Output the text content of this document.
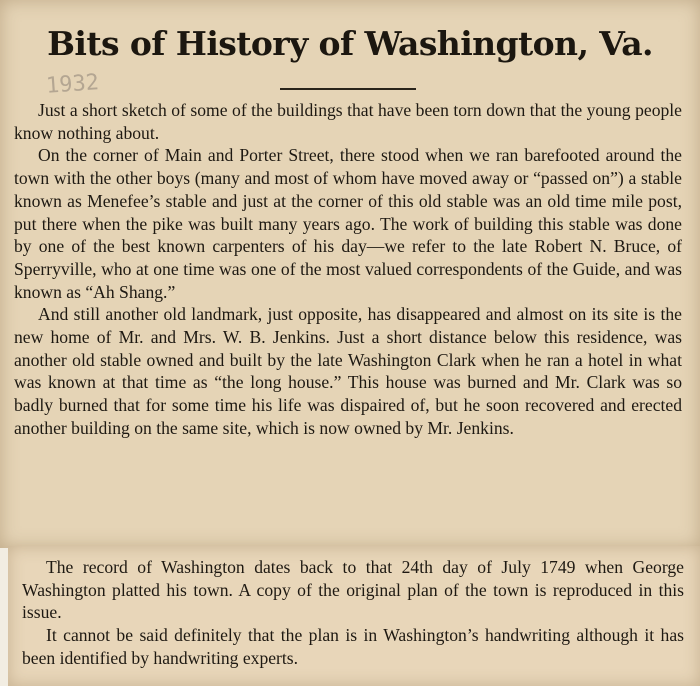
Bits of History of Washington, Va.
1932

Just a short sketch of some of the buildings that have been torn down that the young people know nothing about.

On the corner of Main and Porter Street, there stood when we ran barefooted around the town with the other boys (many and most of whom have moved away or “passed on”) a stable known as Menefee’s stable and just at the corner of this old stable was an old time mile post, put there when the pike was built many years ago. The work of building this stable was done by one of the best known carpenters of his day—we refer to the late Robert N. Bruce, of Sperryville, who at one time was one of the most valued correspondents of the Guide, and was known as “Ah Shang.”

And still another old landmark, just opposite, has disappeared and almost on its site is the new home of Mr. and Mrs. W. B. Jenkins. Just a short distance below this residence, was another old stable owned and built by the late Washington Clark when he ran a hotel in what was known at that time as “the long house.” This house was burned and Mr. Clark was so badly burned that for some time his life was dispaired of, but he soon recovered and erected another building on the same site, which is now owned by Mr. Jenkins.

The record of Washington dates back to that 24th day of July 1749 when George Washington platted his town. A copy of the original plan of the town is reproduced in this issue.

It cannot be said definitely that the plan is in Washington’s handwriting although it has been identified by handwriting experts.
